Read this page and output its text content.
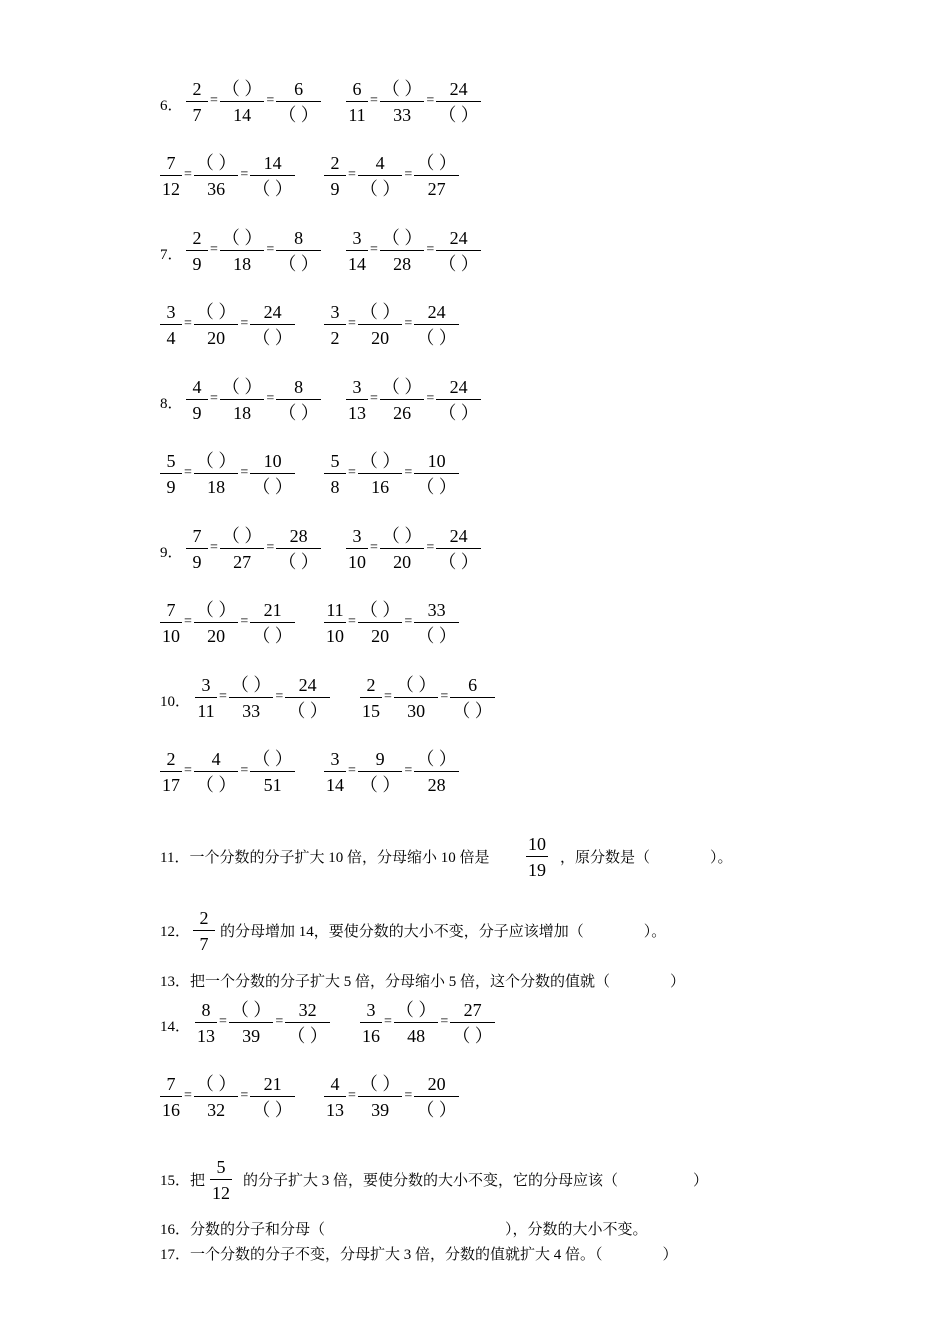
6． $\frac{2}{7} = \frac{( )}{14} = \frac{6}{( )} \frac{6}{11} = \frac{( )}{33} = \frac{24}{( )}$
$\frac{7}{12} = \frac{( )}{36} = \frac{14}{( )} \frac{2}{9} = \frac{4}{( )} = \frac{( )}{27}$
7． $\frac{2}{9} = \frac{( )}{18} = \frac{8}{( )} \frac{3}{14} = \frac{( )}{28} = \frac{24}{( )}$
$\frac{3}{4} = \frac{( )}{20} = \frac{24}{( )} \frac{3}{2} = \frac{( )}{20} = \frac{24}{( )}$
8． $\frac{4}{9} = \frac{( )}{18} = \frac{8}{( )} \frac{3}{13} = \frac{( )}{26} = \frac{24}{( )}$
$\frac{5}{9} = \frac{( )}{18} = \frac{10}{( )} \frac{5}{8} = \frac{( )}{16} = \frac{10}{( )}$
9． $\frac{7}{9} = \frac{( )}{27} = \frac{28}{( )} \frac{3}{10} = \frac{( )}{20} = \frac{24}{( )}$
$\frac{7}{10} = \frac{( )}{20} = \frac{21}{( )} \frac{11}{10} = \frac{( )}{20} = \frac{33}{( )}$
10． $\frac{3}{11} = \frac{( )}{33} = \frac{24}{( )} \frac{2}{15} = \frac{( )}{30} = \frac{6}{( )}$
$\frac{2}{17} = \frac{4}{( )} = \frac{( )}{51} \frac{3}{14} = \frac{9}{( )} = \frac{( )}{28}$
14． $\frac{8}{13} = \frac{( )}{39} = \frac{32}{( )} \frac{3}{16} = \frac{( )}{48} = \frac{27}{( )}$
$\frac{7}{16} = \frac{( )}{32} = \frac{21}{( )} \frac{4}{13} = \frac{( )}{39} = \frac{20}{( )}$
11．一个分数的分子扩大 10 倍，分母缩小 10 倍是 $\frac{10}{19}$ ，原分数是（　　　　）。
12． $\frac{2}{7}$ 的分母增加 14，要使分数的大小不变，分子应该增加（　　　　）。
13．把一个分数的分子扩大 5 倍，分母缩小 5 倍，这个分数的值就（　　　　）
15．把 $\frac{5}{12}$ 的分子扩大 3 倍，要使分数的大小不变，它的分母应该（　　　　　）
16．分数的分子和分母（　　　　　　　　　　　　），分数的大小不变。
17．一个分数的分子不变，分母扩大 3 倍，分数的值就扩大 4 倍。（　　　　）
